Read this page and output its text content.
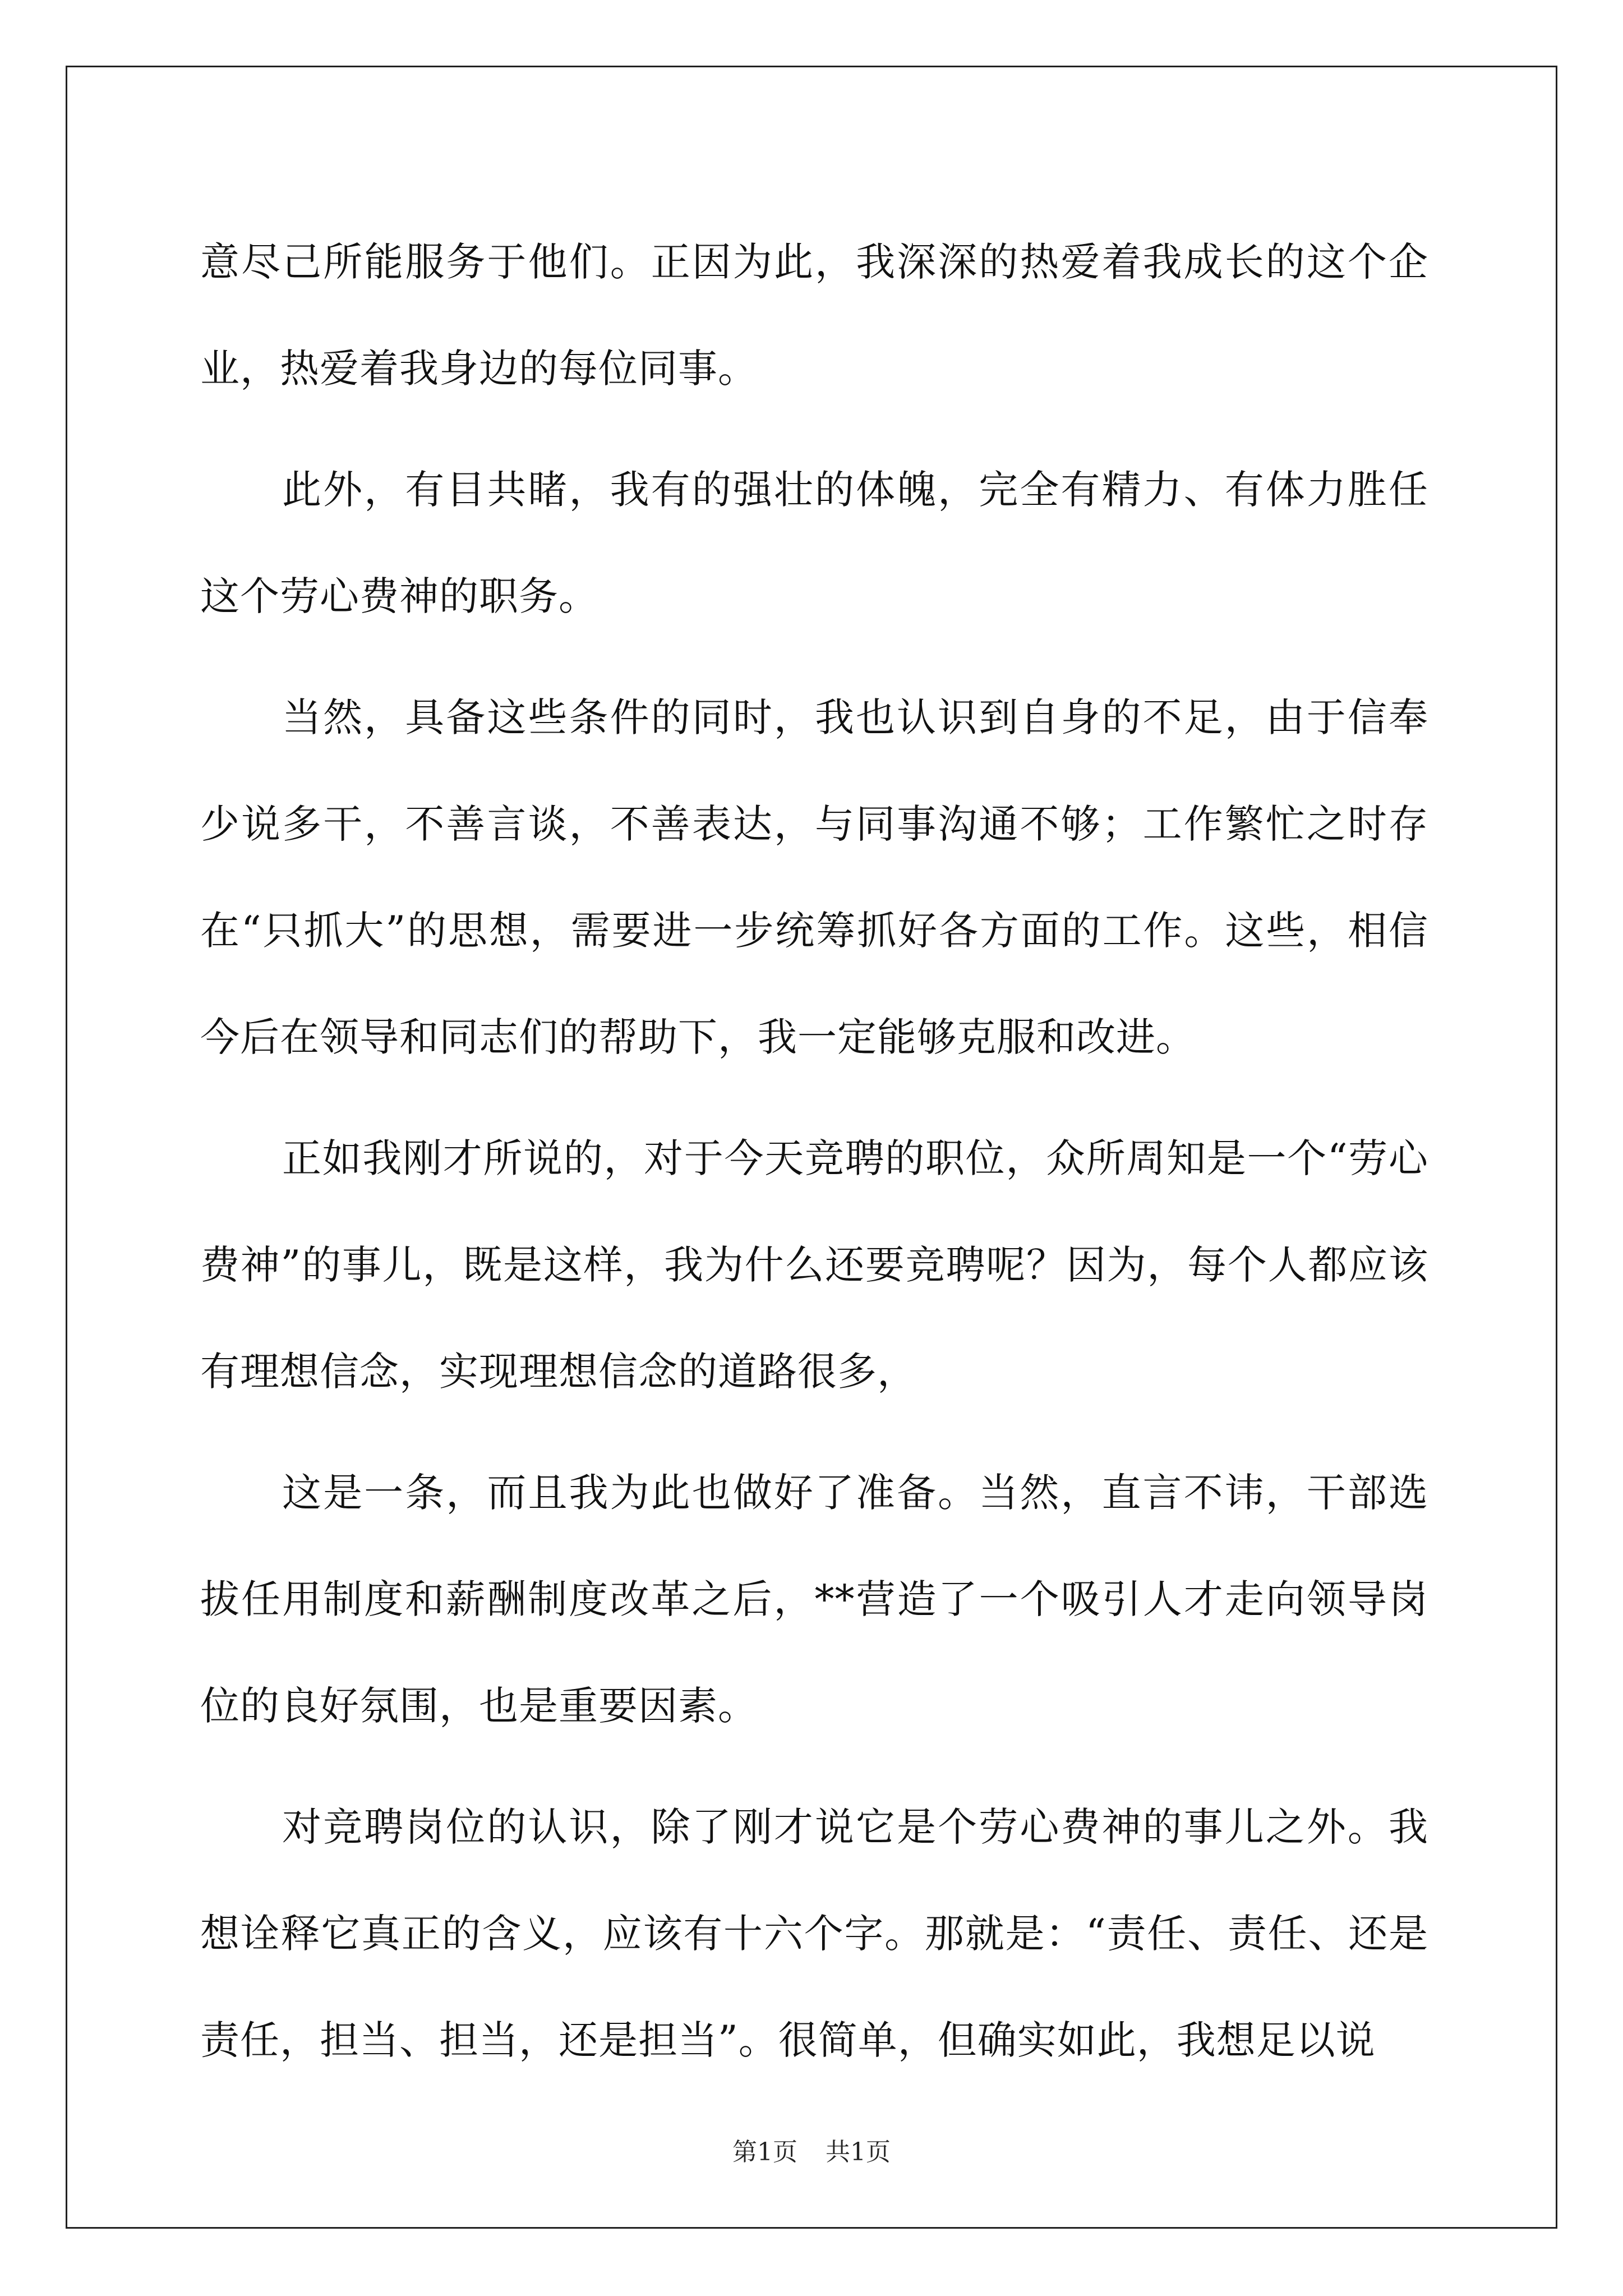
意尽己所能服务于他们。正因为此，我深深的热爱着我成长的这个企业，热爱着我身边的每位同事。

此外，有目共睹，我有的强壮的体魄，完全有精力、有体力胜任这个劳心费神的职务。

当然，具备这些条件的同时，我也认识到自身的不足，由于信奉少说多干，不善言谈，不善表达，与同事沟通不够；工作繁忙之时存在“只抓大”的思想，需要进一步统筹抓好各方面的工作。这些，相信今后在领导和同志们的帮助下，我一定能够克服和改进。

正如我刚才所说的，对于今天竞聘的职位，众所周知是一个“劳心费神”的事儿，既是这样，我为什么还要竞聘呢？因为，每个人都应该有理想信念，实现理想信念的道路很多，

这是一条，而且我为此也做好了准备。当然，直言不讳，干部选拔任用制度和薪酬制度改革之后，**营造了一个吸引人才走向领导岗位的良好氛围，也是重要因素。

对竞聘岗位的认识，除了刚才说它是个劳心费神的事儿之外。我想诠释它真正的含义，应该有十六个字。那就是：“责任、责任、还是责任，担当、担当，还是担当”。很简单，但确实如此，我想足以说

第1页 共1页
